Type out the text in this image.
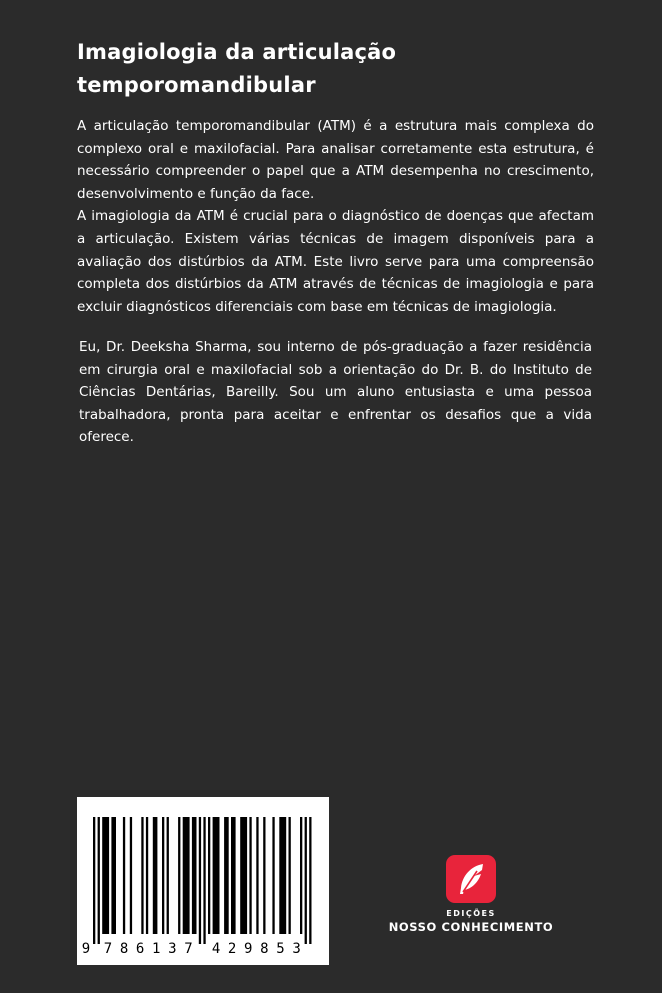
Imagiologia da articulação
temporomandibular

A articulação temporomandibular (ATM) é a estrutura mais complexa do complexo oral e maxilofacial. Para analisar corretamente esta estrutura, é necessário compreender o papel que a ATM desempenha no crescimento, desenvolvimento e função da face.

A imagiologia da ATM é crucial para o diagnóstico de doenças que afectam a articulação. Existem várias técnicas de imagem disponíveis para a avaliação dos distúrbios da ATM. Este livro serve para uma compreensão completa dos distúrbios da ATM através de técnicas de imagiologia e para excluir diagnósticos diferenciais com base em técnicas de imagiologia.

Eu, Dr. Deeksha Sharma, sou interno de pós-graduação a fazer residência em cirurgia oral e maxilofacial sob a orientação do Dr. B. do Instituto de Ciências Dentárias, Bareilly. Sou um aluno entusiasta e uma pessoa trabalhadora, pronta para aceitar e enfrentar os desafios que a vida oferece.

9 7 8 6 1 3 7 4 2 9 8 5 3
EDIÇÕES
NOSSO CONHECIMENTO
